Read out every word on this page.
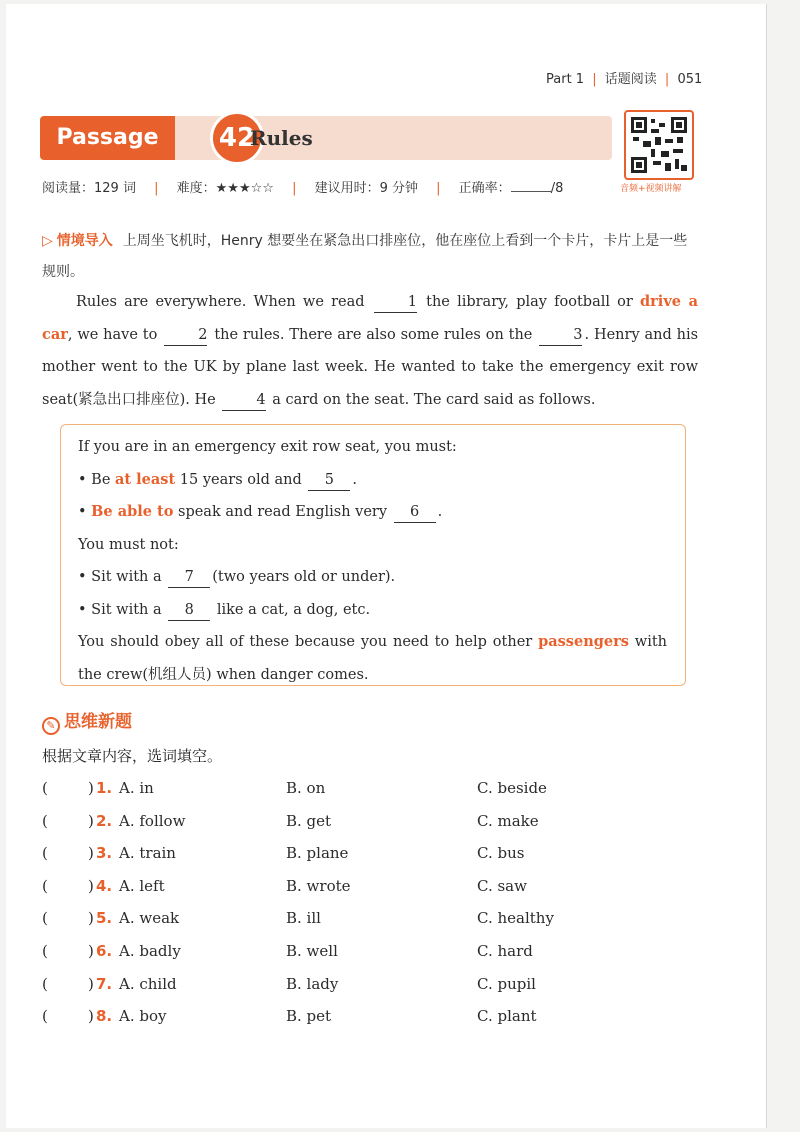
Part 1 | 话题阅读 | 051
Passage	42
Rules
音频+视频讲解
阅读量：129 词 | 难度：★★★☆☆ | 建议用时：9 分钟 | 正确率：	/8
▷ 情境导入 上周坐飞机时，Henry 想要坐在紧急出口排座位，他在座位上看到一个卡片，卡片上是一些规则。

Rules are everywhere. When we read	1 the library, play football or drive a car, we have to	2 the rules. There are also some rules on the	3 . Henry and his mother went to the UK by plane last week. He wanted to take the emergency exit row seat(紧急出口排座位). He	4 a card on the seat. The card said as follows.

If you are in an emergency exit row seat, you must:
• Be at least 15 years old and 5 .
• Be able to speak and read English very 6 .
You must not:
• Sit with a 7 (two years old or under).
• Sit with a 8 like a cat, a dog, etc.
You should obey all of these because you need to help other passengers with the crew(机组人员) when danger comes.
✎ 思维新题
根据文章内容，选词填空。
(	) 1. A. in	B. on	C. beside
(	) 2. A. follow	B. get	C. make
(	) 3. A. train	B. plane	C. bus
(	) 4. A. left	B. wrote	C. saw
(	) 5. A. weak	B. ill	C. healthy
(	) 6. A. badly	B. well	C. hard
(	) 7. A. child	B. lady	C. pupil
(	) 8. A. boy	B. pet	C. plant
